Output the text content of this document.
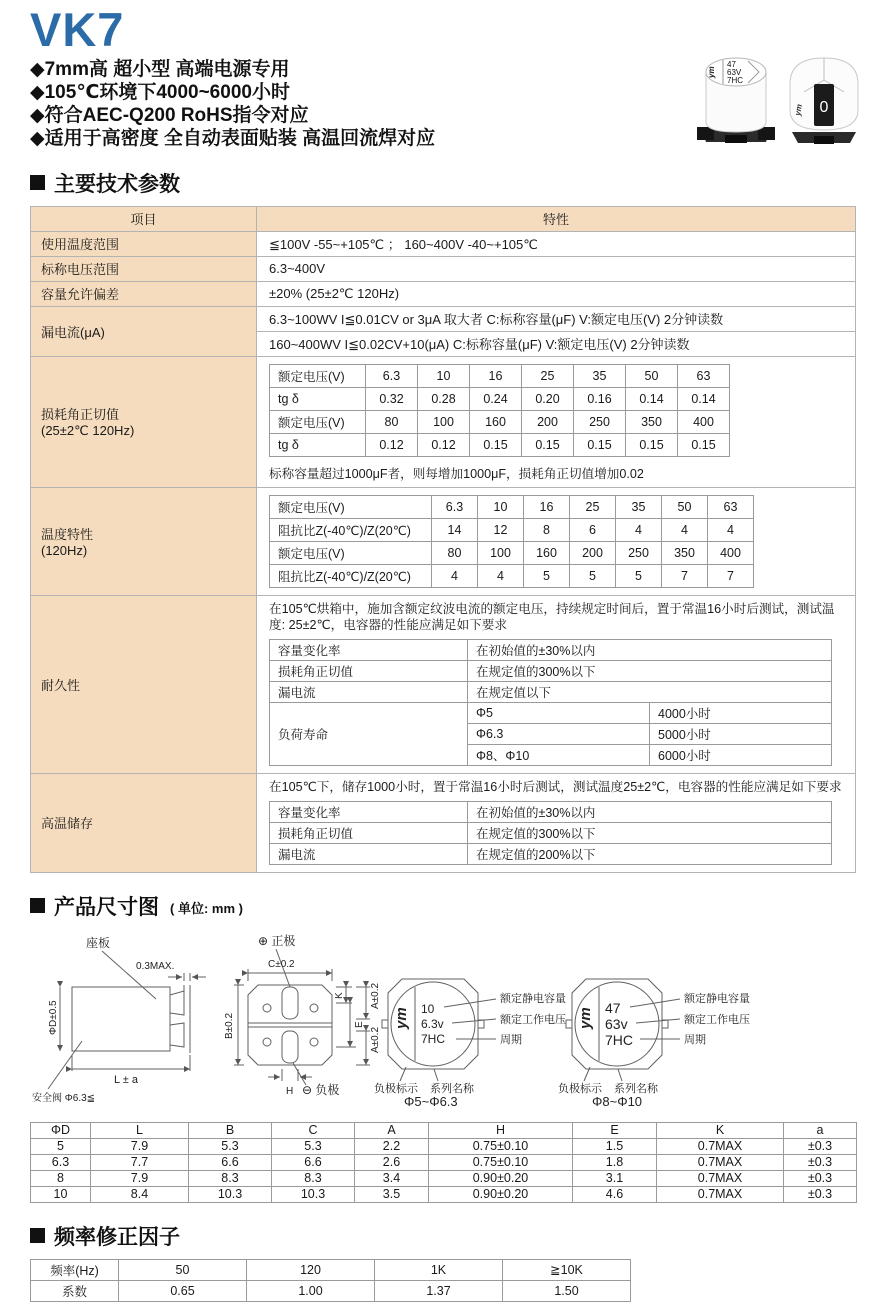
ym
47
63V
7HC
0
ym
VK7
◆7mm高 超小型 高端电源专用
◆105℃环境下4000~6000小时
◆符合AEC-Q200 RoHS指令对应
◆适用于高密度 全自动表面贴装 高温回流焊对应
主要技术参数
项目	特性
使用温度范围	≦100V -55~+105℃ ； 160~400V -40~+105℃
标称电压范围	6.3~400V
容量允许偏差	±20% (25±2℃ 120Hz)
漏电流(μA)	6.3~100WV I≦0.01CV or 3μA 取大者 C:标称容量(μF) V:额定电压(V) 2分钟读数
160~400WV I≦0.02CV+10(μA) C:标称容量(μF) V:额定电压(V) 2分钟读数

损耗角正切值
(25±2℃ 120Hz)

额定电压(V)	6.3	10	16	25	35	50	63
tg δ	0.32	0.28	0.24	0.20	0.16	0.14	0.14
额定电压(V)	80	100	160	200	250	350	400
tg δ	0.12	0.12	0.15	0.15	0.15	0.15	0.15
标称容量超过1000μF者，则每增加1000μF，损耗角正切值增加0.02

温度特性
(120Hz)

额定电压(V)	6.3	10	16	25	35	50	63
阻抗比Z(-40℃)/Z(20℃)	14	12	8	6	4	4	4
额定电压(V)	80	100	160	200	250	350	400
阻抗比Z(-40℃)/Z(20℃)	4	4	5	5	5	7	7

耐久性	
在105℃烘箱中，施加含额定纹波电流的额定电压，持续规定时间后，置于常温16小时后测试，测试温度: 25±2℃，电容器的性能应满足如下要求
容量变化率	在初始值的±30%以内
损耗角正切值	在规定值的300%以下
漏电流	在规定值以下
负荷寿命	Φ5	4000小时
Φ6.3	5000小时
Φ8、Φ10	6000小时

高温储存	
在105℃下，储存1000小时，置于常温16小时后测试，测试温度25±2℃，电容器的性能应满足如下要求
容量变化率	在初始值的±30%以内
损耗角正切值	在规定值的300%以下
漏电流	在规定值的200%以下
产品尺寸图 ( 单位: mm )
座板
0.3MAX.
ΦD±0.5
L ± a
安全阀 Φ6.3≦
C±0.2
B±0.2
K	A±0.2
E
A±0.2
H
⊕ 正极
⊖ 负极
ym 10
6.3v
7HC
额定静电容量
额定工作电压
周期
负极标示 系列名称
Φ5~Φ6.3
ym 47
63v
7HC
额定静电容量
额定工作电压
周期
负极标示 系列名称
Φ8~Φ10
ΦD	L	B	C	A	H	E	K	a
5	7.9	5.3	5.3	2.2	0.75±0.10	1.5	0.7MAX	±0.3
6.3	7.7	6.6	6.6	2.6	0.75±0.10	1.8	0.7MAX	±0.3
8	7.9	8.3	8.3	3.4	0.90±0.20	3.1	0.7MAX	±0.3
10	8.4	10.3	10.3	3.5	0.90±0.20	4.6	0.7MAX	±0.3
频率修正因子
频率(Hz)	50	120	1K	≧10K
系数	0.65	1.00	1.37	1.50
